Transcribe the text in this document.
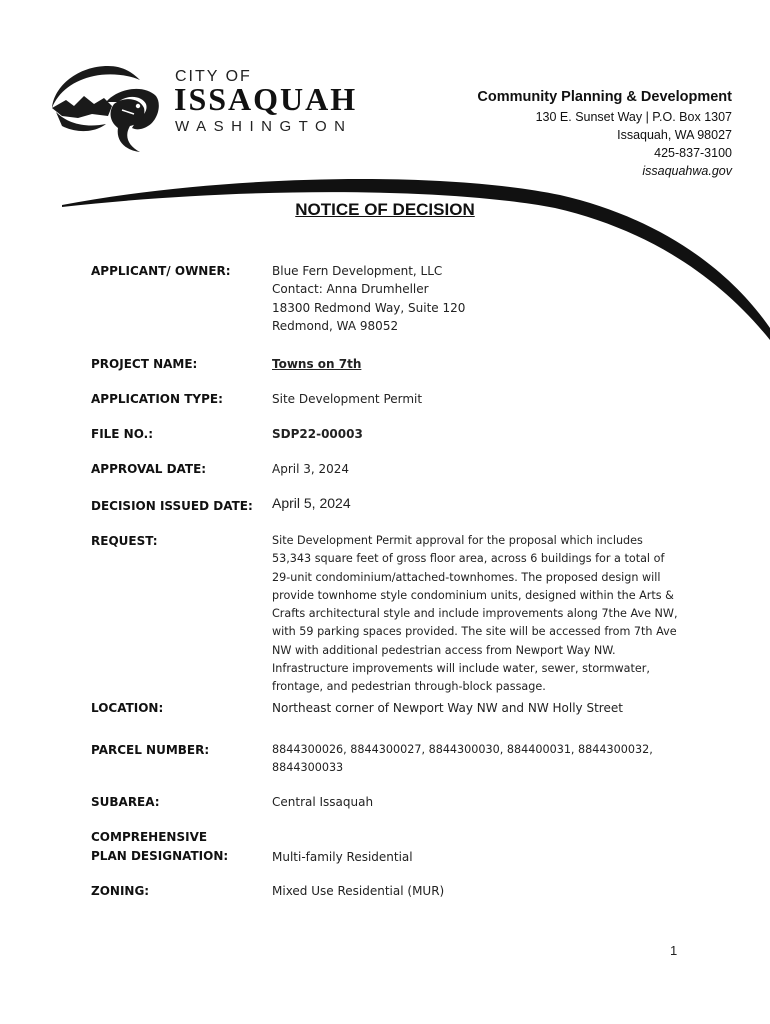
CITY OF
ISSAQUAH
WASHINGTON
Community Planning & Development
130 E. Sunset Way | P.O. Box 1307
Issaquah, WA 98027
425-837-3100
issaquahwa.gov
NOTICE OF DECISION
APPLICANT/ OWNER:	Blue Fern Development, LLC
Contact: Anna Drumheller
18300 Redmond Way, Suite 120
Redmond, WA 98052
PROJECT NAME:	Towns on 7th
APPLICATION TYPE:	Site Development Permit
FILE NO.:	SDP22-00003
APPROVAL DATE:	April 3, 2024
DECISION ISSUED DATE:	April 5, 2024
REQUEST:	Site Development Permit approval for the proposal which includes
53,343 square feet of gross floor area, across 6 buildings for a total of
29-unit condominium/attached-townhomes. The proposed design will
provide townhome style condominium units, designed within the Arts &
Crafts architectural style and include improvements along 7the Ave NW,
with 59 parking spaces provided. The site will be accessed from 7th Ave
NW with additional pedestrian access from Newport Way NW.
Infrastructure improvements will include water, sewer, stormwater,
frontage, and pedestrian through-block passage.
LOCATION:	Northeast corner of Newport Way NW and NW Holly Street
PARCEL NUMBER:	8844300026, 8844300027, 8844300030, 884400031, 8844300032,
8844300033
SUBAREA:	Central Issaquah
COMPREHENSIVE
PLAN DESIGNATION:	Multi-family Residential
ZONING:	Mixed Use Residential (MUR)
1
